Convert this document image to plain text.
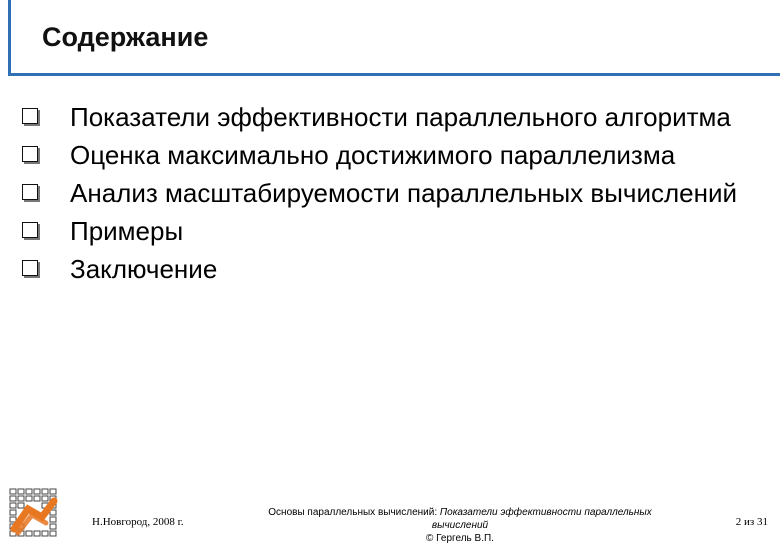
Содержание
Показатели эффективности параллельного алгоритма
Оценка максимально достижимого параллелизма
Анализ масштабируемости параллельных вычислений
Примеры
Заключение
Н.Новгород, 2008 г.
Основы параллельных вычислений: Показатели эффективности параллельных вычислений
© Гергель В.П.
2 из 31
